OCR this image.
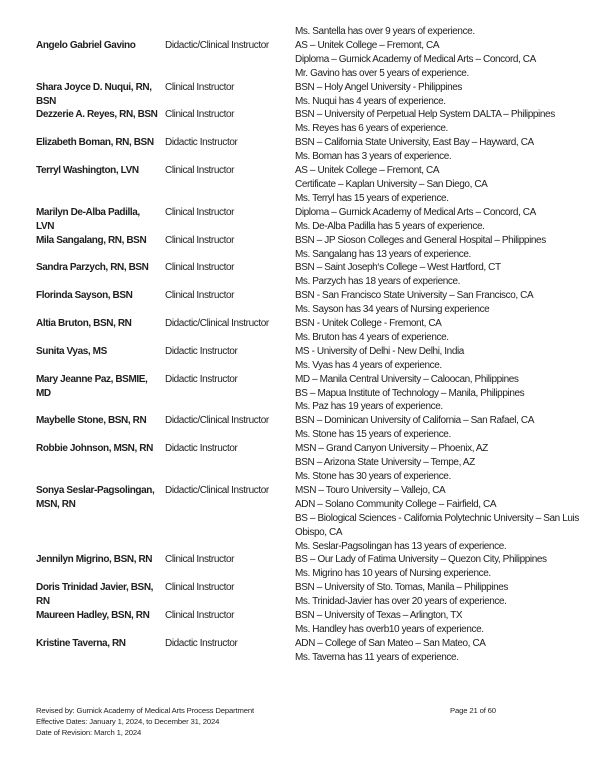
Ms. Santella has over 9 years of experience.
Angelo Gabriel Gavino	Didactic/Clinical Instructor	AS – Unitek College – Fremont, CA
Diploma – Gurnick Academy of Medical Arts – Concord, CA
Mr. Gavino has over 5 years of experience.
Shara Joyce D. Nuqui, RN,
BSN
Clinical Instructor	BSN – Holy Angel University - Philippines
Ms. Nuqui has 4 years of experience.
Dezzerie A. Reyes, RN, BSN Clinical Instructor	BSN – University of Perpetual Help System DALTA – Philippines
Ms. Reyes has 6 years of experience.
Elizabeth Boman, RN, BSN	Didactic Instructor	BSN – California State University, East Bay – Hayward, CA
Ms. Boman has 3 years of experience.
Terryl Washington, LVN	Clinical Instructor	AS – Unitek College – Fremont, CA
Certificate – Kaplan University – San Diego, CA
Ms. Terryl has 15 years of experience.
Marilyn De-Alba Padilla,
LVN
Clinical Instructor	Diploma – Gurnick Academy of Medical Arts – Concord, CA
Ms. De-Alba Padilla has 5 years of experience.
Mila Sangalang, RN, BSN	Clinical Instructor	BSN – JP Sioson Colleges and General Hospital – Philippines
Ms. Sangalang has 13 years of experience.
Sandra Parzych, RN, BSN	Clinical Instructor	BSN – Saint Joseph‘s College – West Hartford, CT
Ms. Parzych has 18 years of experience.
Florinda Sayson, BSN	Clinical Instructor	BSN - San Francisco State University – San Francisco, CA
Ms. Sayson has 34 years of Nursing experience
Altia Bruton, BSN, RN	Didactic/Clinical Instructor	BSN - Unitek College - Fremont, CA
Ms. Bruton has 4 years of experience.
Sunita Vyas, MS	Didactic Instructor	MS - University of Delhi - New Delhi, India
Ms. Vyas has 4 years of experience.
Mary Jeanne Paz, BSMIE,
MD
Didactic Instructor	MD – Manila Central University – Caloocan, Philippines
BS – Mapua Institute of Technology – Manila, Philippines
Ms. Paz has 19 years of experience.
Maybelle Stone, BSN, RN	Didactic/Clinical Instructor	BSN – Dominican University of California – San Rafael, CA
Ms. Stone has 15 years of experience.
Robbie Johnson, MSN, RN	Didactic Instructor	MSN – Grand Canyon University – Phoenix, AZ
BSN – Arizona State University – Tempe, AZ
Ms. Stone has 30 years of experience.
Sonya Seslar-Pagsolingan,
MSN, RN
Didactic/Clinical Instructor	MSN – Touro University – Vallejo, CA
ADN – Solano Community College – Fairfield, CA
BS – Biological Sciences - California Polytechnic University – San Luis
Obispo, CA
Ms. Seslar-Pagsolingan has 13 years of experience.
Jennilyn Migrino, BSN, RN	Clinical Instructor	BS – Our Lady of Fatima University – Quezon City, Philippines
Ms. Migrino has 10 years of Nursing experience.
Doris Trinidad Javier, BSN,
RN
Clinical Instructor	BSN – University of Sto. Tomas, Manila – Philippines
Ms. Trinidad-Javier has over 20 years of experience.
Maureen Hadley, BSN, RN	Clinical Instructor	BSN – University of Texas – Arlington, TX
Ms. Handley has overb10 years of experience.
Kristine Taverna, RN	Didactic Instructor	ADN – College of San Mateo – San Mateo, CA
Ms. Taverna has 11 years of experience.
Revised by: Gurnick Academy of Medical Arts Process Department
Effective Dates: January 1, 2024, to December 31, 2024
Date of Revision: March 1, 2024
Page 21 of 60
